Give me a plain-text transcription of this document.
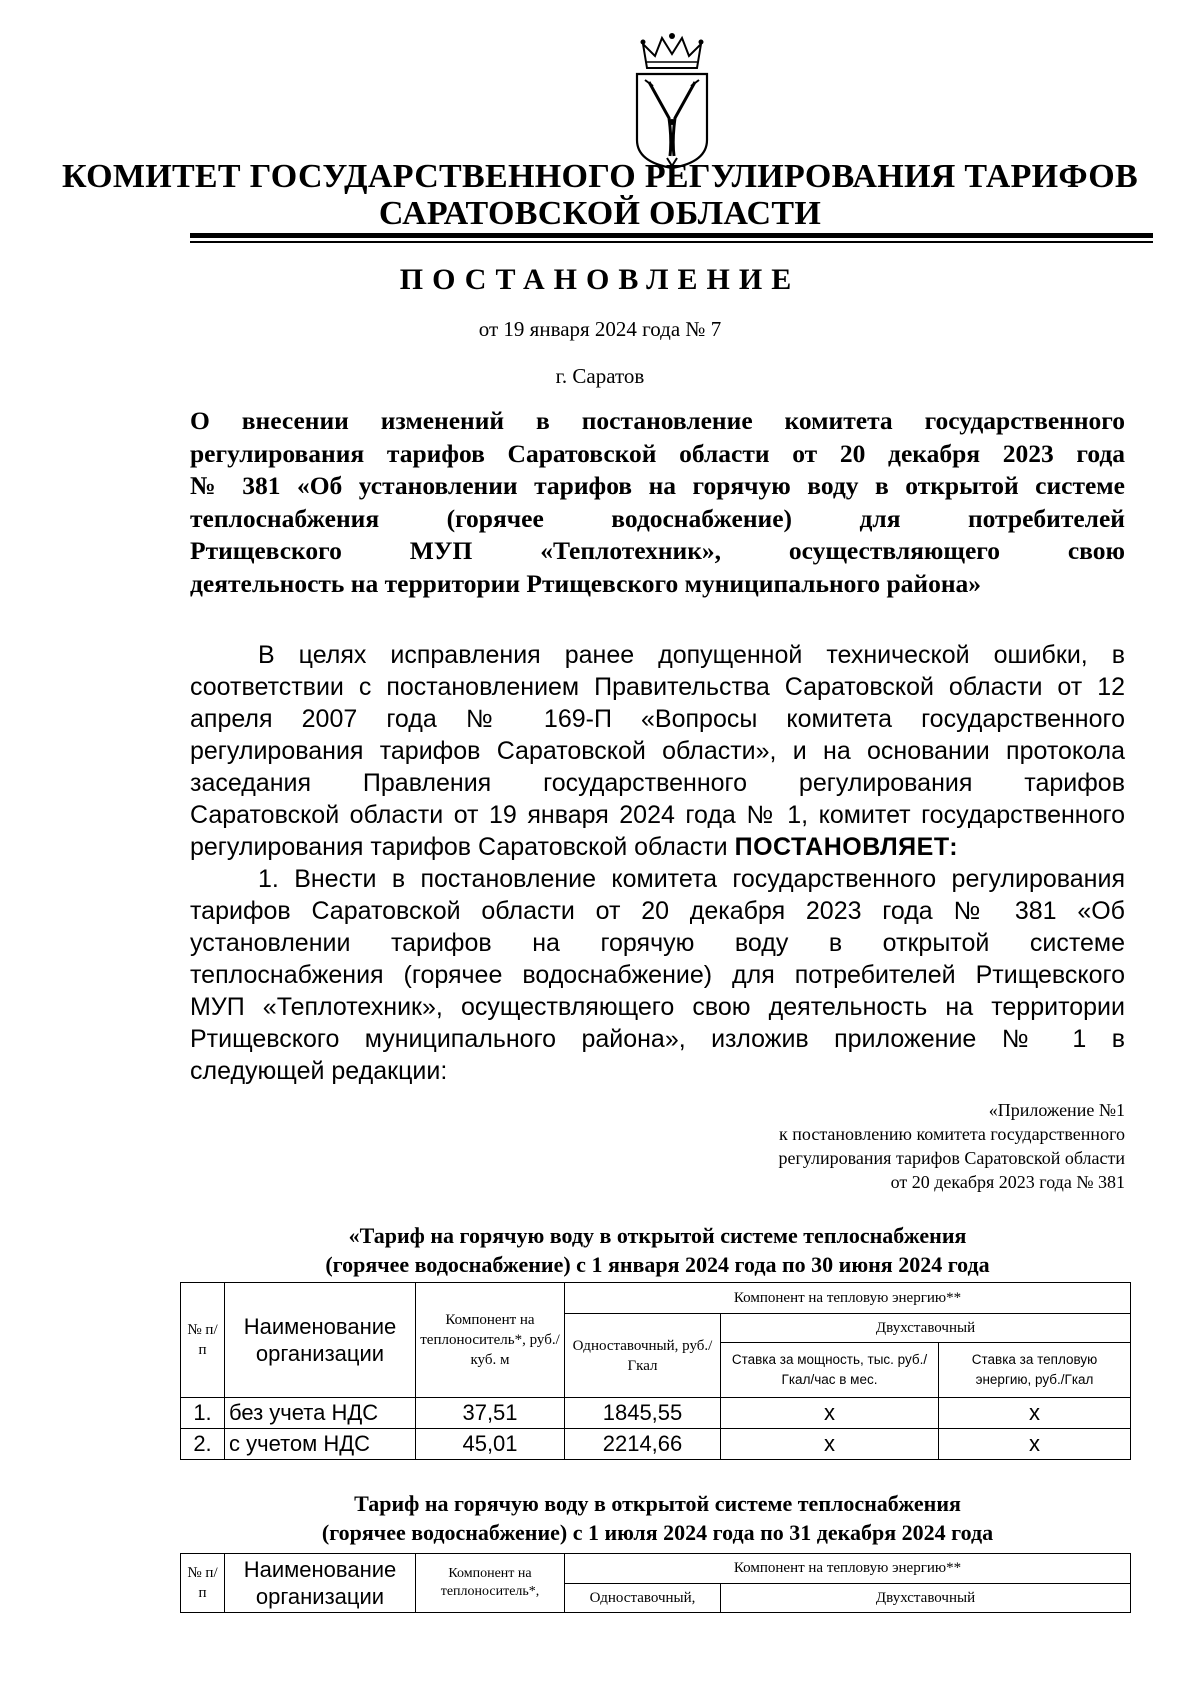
КОМИТЕТ ГОСУДАРСТВЕННОГО РЕГУЛИРОВАНИЯ ТАРИФОВ
САРАТОВСКОЙ ОБЛАСТИ
ПОСТАНОВЛЕНИЕ
от 19 января 2024 года № 7
г. Саратов
О внесении изменений в постановление комитета государственного
регулирования тарифов Саратовской области от 20 декабря 2023 года
№ 381 «Об установлении тарифов на горячую воду в открытой системе
теплоснабжения (горячее водоснабжение) для потребителей
Ртищевского МУП «Теплотехник», осуществляющего свою
деятельность на территории Ртищевского муниципального района»
В целях исправления ранее допущенной технической ошибки, в
соответствии с постановлением Правительства Саратовской области от 12
апреля 2007 года № 169-П «Вопросы комитета государственного
регулирования тарифов Саратовской области», и на основании протокола
заседания Правления государственного регулирования тарифов
Саратовской области от 19 января 2024 года № 1, комитет государственного
регулирования тарифов Саратовской области ПОСТАНОВЛЯЕТ:
1. Внести в постановление комитета государственного регулирования
тарифов Саратовской области от 20 декабря 2023 года № 381 «Об
установлении тарифов на горячую воду в открытой системе
теплоснабжения (горячее водоснабжение) для потребителей Ртищевского
МУП «Теплотехник», осуществляющего свою деятельность на территории
Ртищевского муниципального района», изложив приложение № 1 в
следующей редакции:
«Приложение №1
к постановлению комитета государственного
регулирования тарифов Саратовской области
от 20 декабря 2023 года № 381
«Тариф на горячую воду в открытой системе теплоснабжения
(горячее водоснабжение) с 1 января 2024 года по 30 июня 2024 года
№ п/п	Наименование организации	Компонент на теплоноситель*, руб./куб. м	Компонент на тепловую энергию**		
			Одноставочный, руб./Гкал	Двухставочный	
				Ставка за мощность, тыс. руб./Гкал/час в мес.	Ставка за тепловую энергию, руб./Гкал
1.	без учета НДС	37,51	1845,55	х	х
2.	с учетом НДС	45,01	2214,66	х	х
Тариф на горячую воду в открытой системе теплоснабжения
(горячее водоснабжение) с 1 июля 2024 года по 31 декабря 2024 года
№ п/п	Наименование организации	Компонент на теплоноситель*,	Компонент на тепловую энергию**	
			Одноставочный,	Двухставочный
